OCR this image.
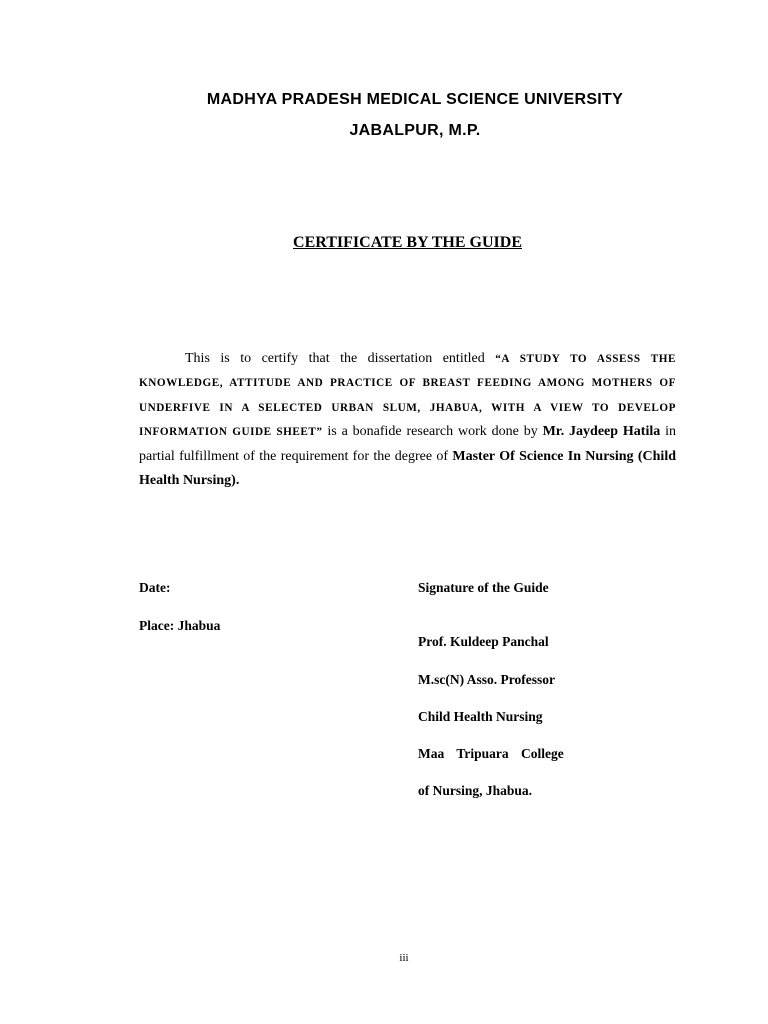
MADHYA PRADESH MEDICAL SCIENCE UNIVERSITY
JABALPUR, M.P.
CERTIFICATE BY THE GUIDE
This is to certify that the dissertation entitled “A STUDY TO ASSESS THE KNOWLEDGE, ATTITUDE AND PRACTICE OF BREAST FEEDING AMONG MOTHERS OF UNDERFIVE IN A SELECTED URBAN SLUM, JHABUA, WITH A VIEW TO DEVELOP INFORMATION GUIDE SHEET” is a bonafide research work done by Mr. Jaydeep Hatila in partial fulfillment of the requirement for the degree of Master Of Science In Nursing (Child Health Nursing).
Date:
Place: Jhabua
Signature of the Guide
Prof. Kuldeep Panchal
M.sc(N) Asso. Professor
Child Health Nursing
Maa Tripuara College
of Nursing, Jhabua.
iii
